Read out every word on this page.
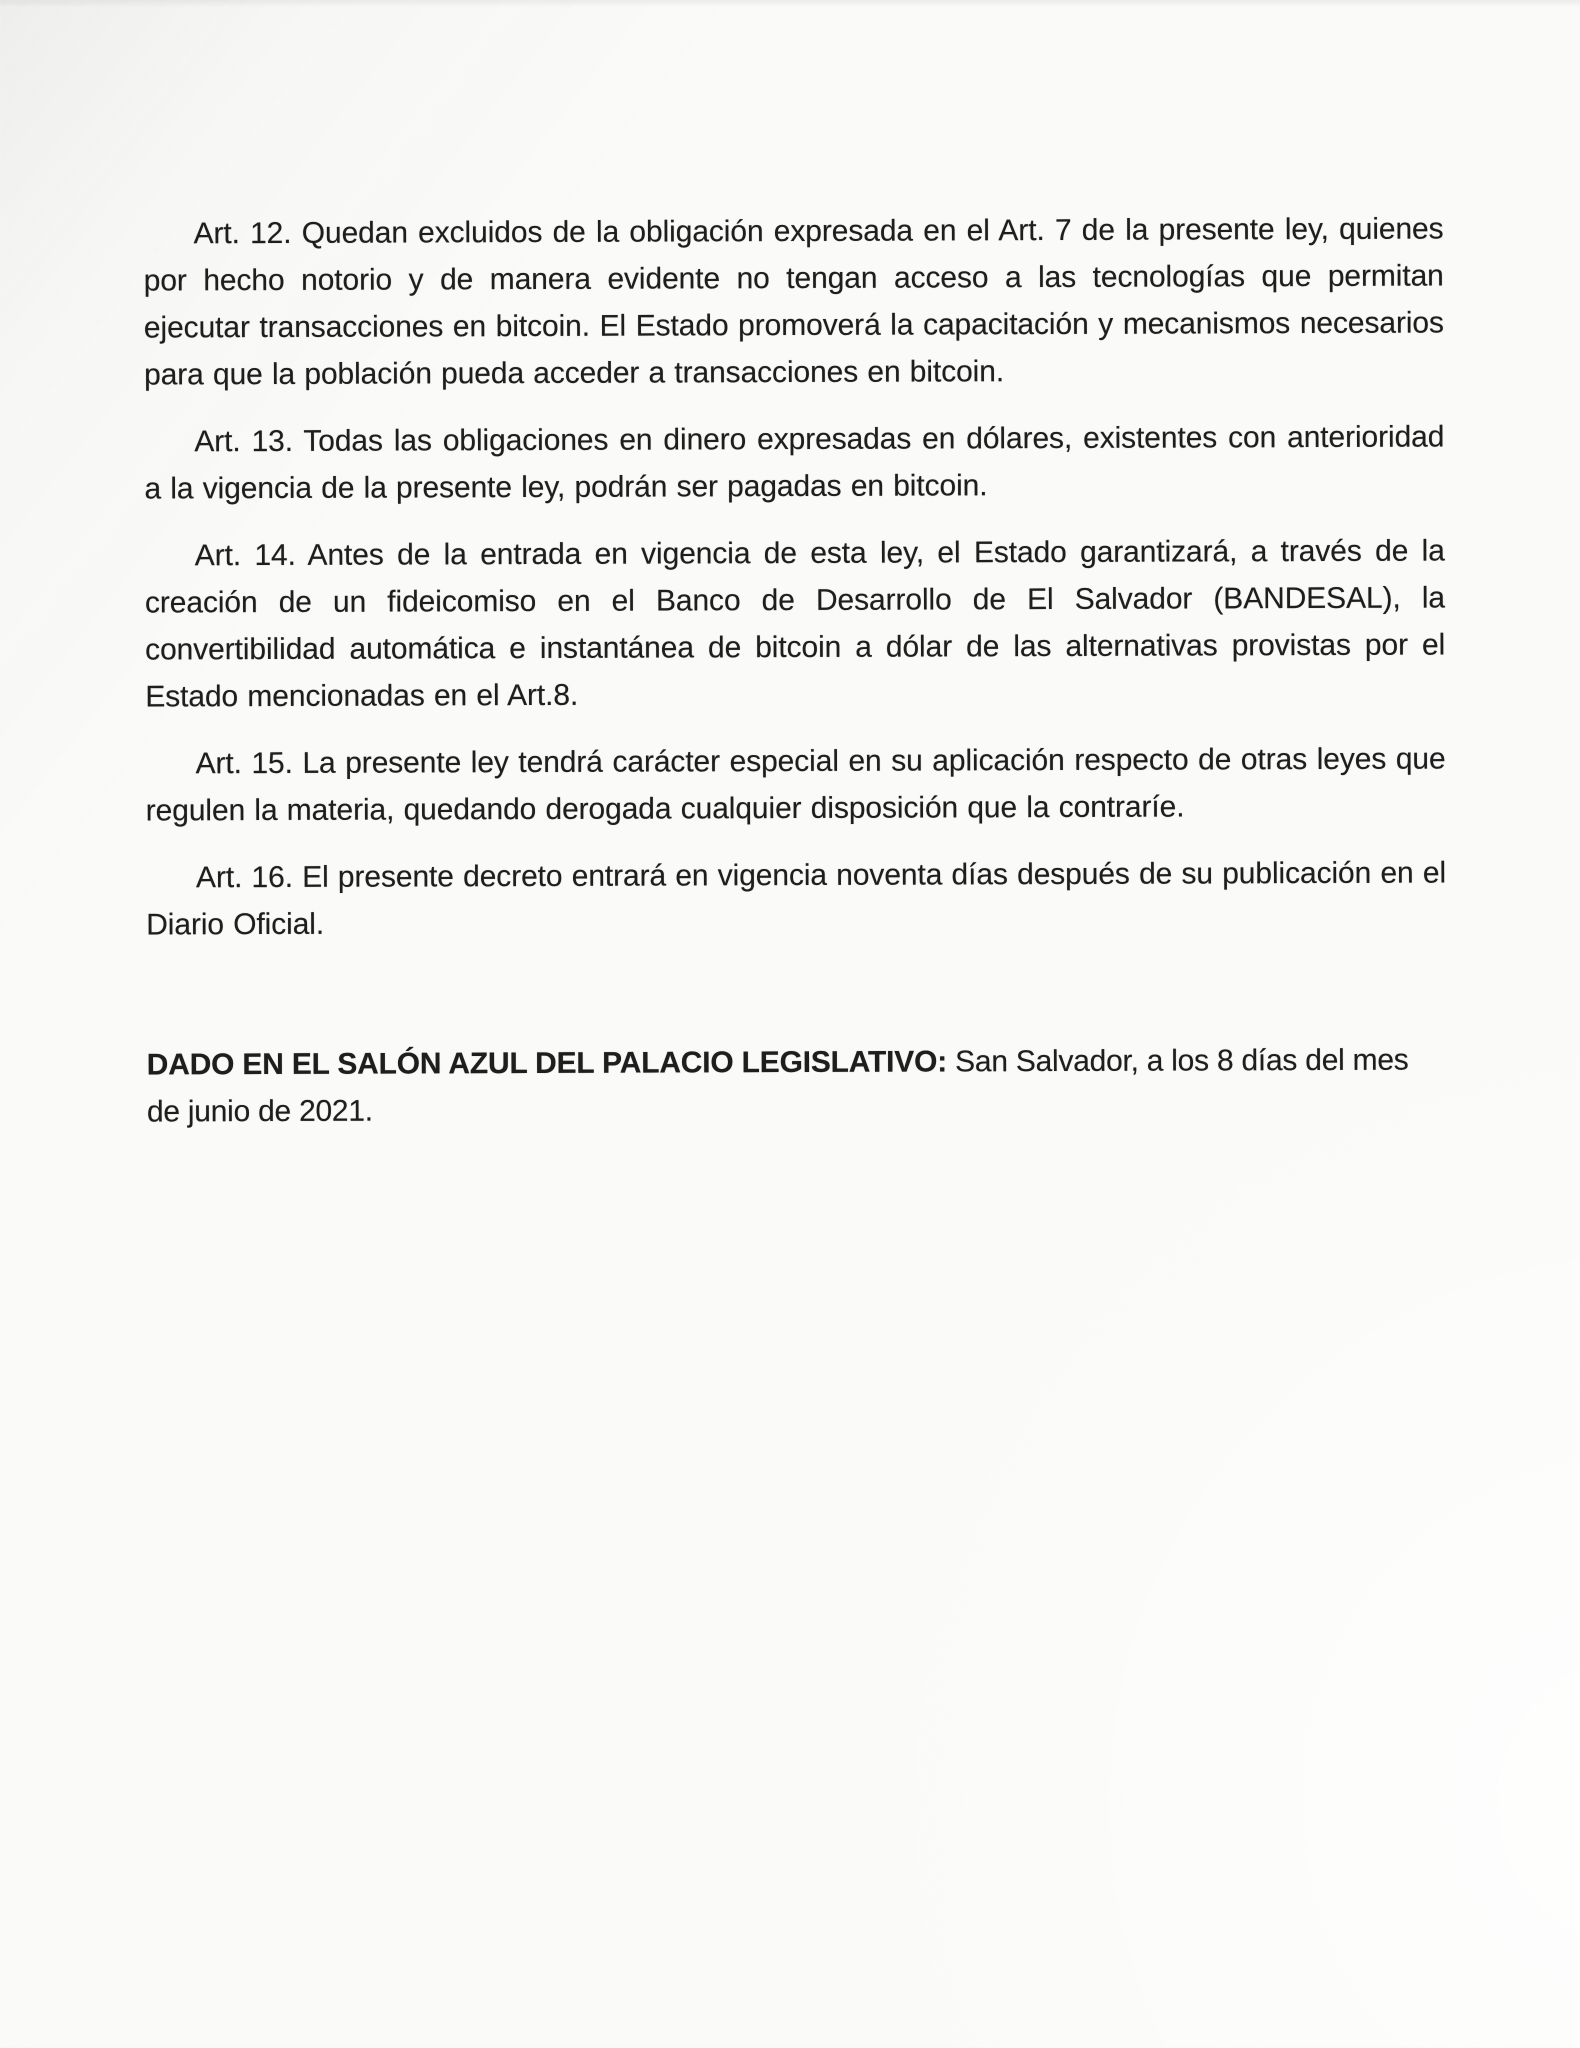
Art. 12. Quedan excluidos de la obligación expresada en el Art. 7 de la presente ley, quienes por hecho notorio y de manera evidente no tengan acceso a las tecnologías que permitan ejecutar transacciones en bitcoin. El Estado promoverá la capacitación y mecanismos necesarios para que la población pueda acceder a transacciones en bitcoin.

Art. 13. Todas las obligaciones en dinero expresadas en dólares, existentes con anterioridad a la vigencia de la presente ley, podrán ser pagadas en bitcoin.

Art. 14. Antes de la entrada en vigencia de esta ley, el Estado garantizará, a través de la creación de un fideicomiso en el Banco de Desarrollo de El Salvador (BANDESAL), la convertibilidad automática e instantánea de bitcoin a dólar de las alternativas provistas por el Estado mencionadas en el Art.8.

Art. 15. La presente ley tendrá carácter especial en su aplicación respecto de otras leyes que regulen la materia, quedando derogada cualquier disposición que la contraríe.

Art. 16. El presente decreto entrará en vigencia noventa días después de su publicación en el Diario Oficial.

DADO EN EL SALÓN AZUL DEL PALACIO LEGISLATIVO: San Salvador, a los 8 días del mes de junio de 2021.
